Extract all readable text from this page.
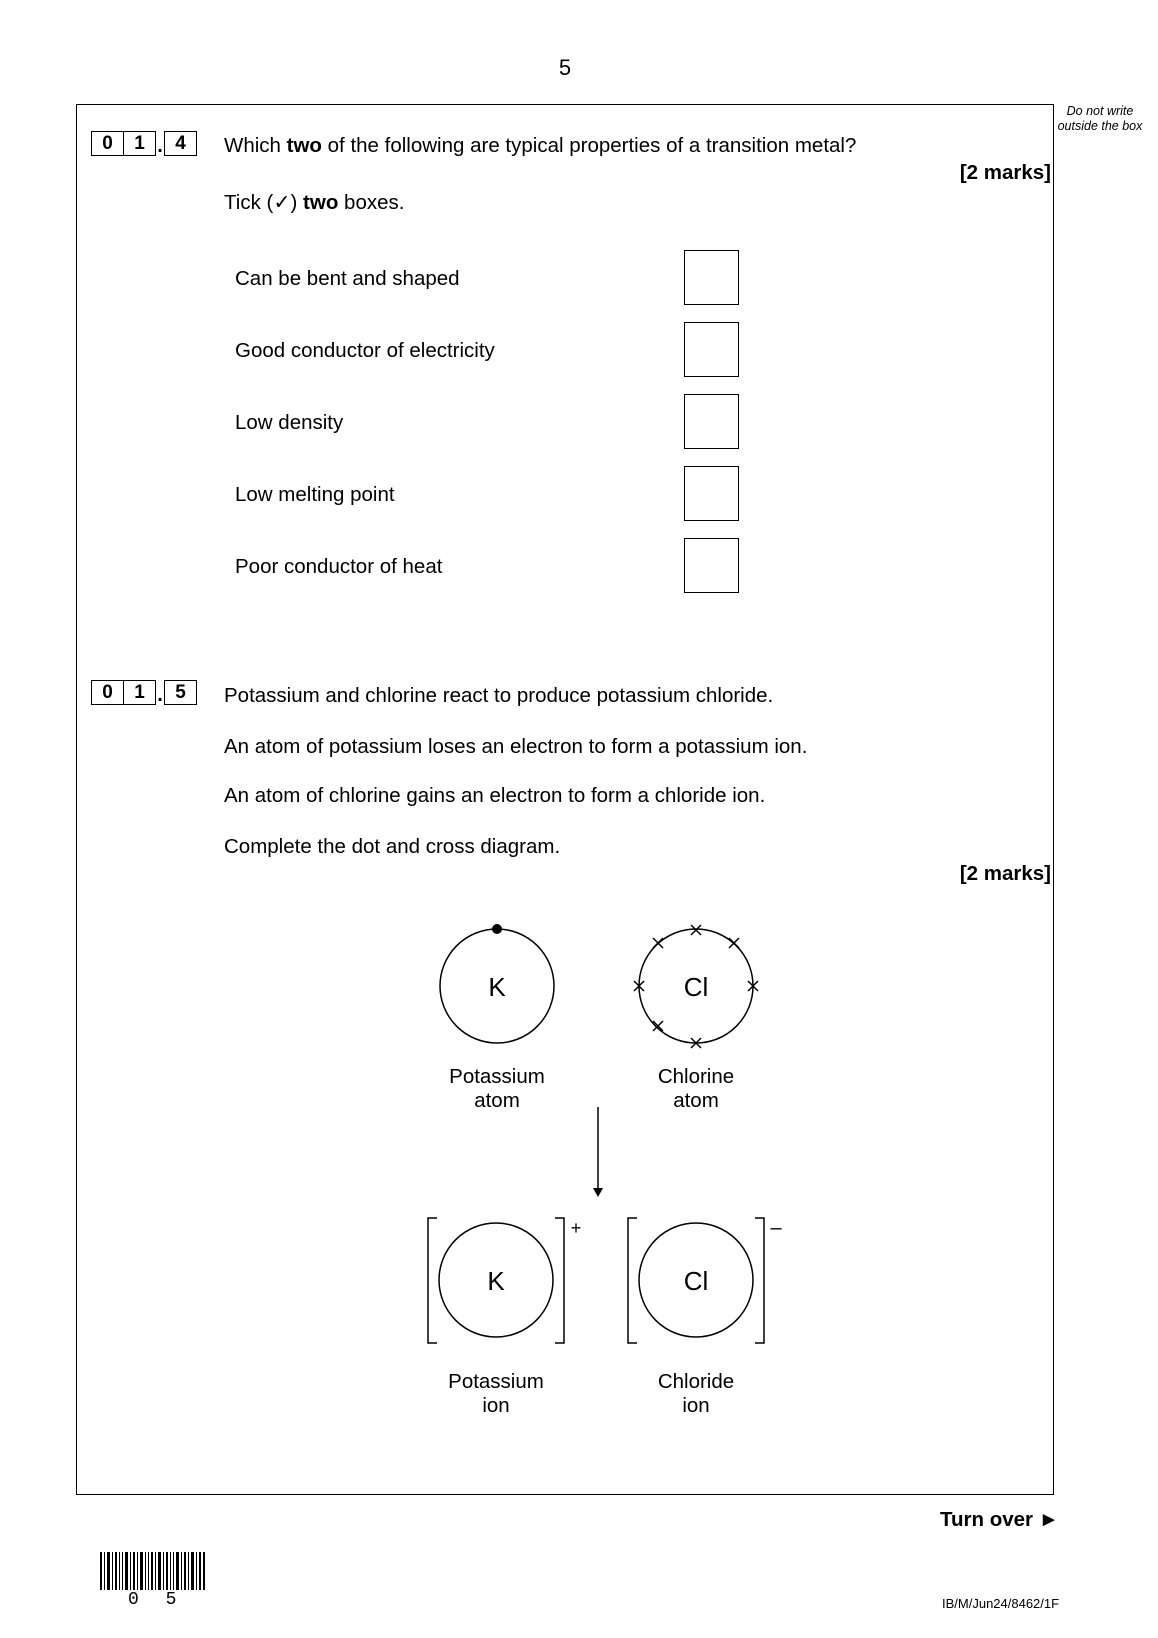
5
Do not write outside the box
0	1 . 4	Which two of the following are typical properties of a transition metal?
[2 marks]
Tick (✓) two boxes.
Can be bent and shaped
Good conductor of electricity
Low density
Low melting point
Poor conductor of heat
0	1 . 5	Potassium and chlorine react to produce potassium chloride.
An atom of potassium loses an electron to form a potassium ion.
An atom of chlorine gains an electron to form a chloride ion.
Complete the dot and cross diagram.
[2 marks]
K	Cl
Potassium
atom
Chlorine
atom
K	Cl
+	–
Potassium
ion
Chloride
ion
Turn over ►
0 5	IB/M/Jun24/8462/1F
